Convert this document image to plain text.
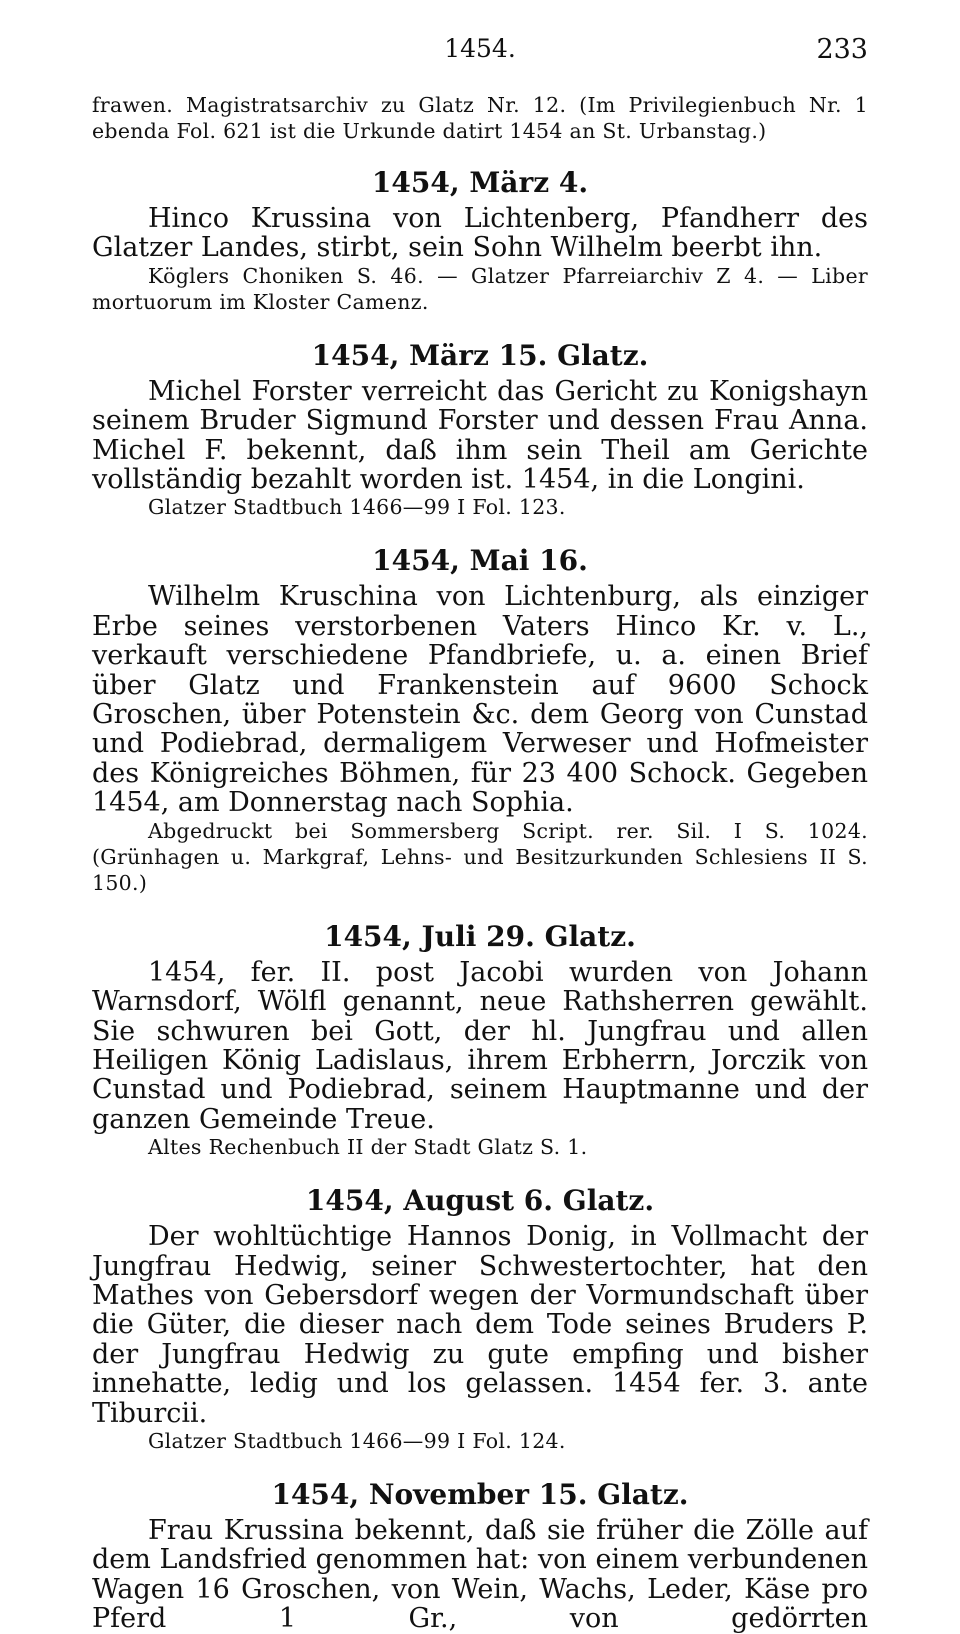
1454.	233

frawen. Magistratsarchiv zu Glatz Nr. 12. (Im Privilegienbuch Nr. 1 ebenda Fol. 621 ist die Urkunde datirt 1454 an St. Urbanstag.)

1454, März 4.

Hinco Krussina von Lichtenberg, Pfandherr des Glatzer Landes, stirbt, sein Sohn Wilhelm beerbt ihn.

Köglers Choniken S. 46. — Glatzer Pfarreiarchiv Z 4. — Liber mortuorum im Kloster Camenz.

1454, März 15. Glatz.

Michel Forster verreicht das Gericht zu Konigshayn seinem Bruder Sigmund Forster und dessen Frau Anna. Michel F. bekennt, daß ihm sein Theil am Gerichte vollständig bezahlt worden ist. 1454, in die Longini.

Glatzer Stadtbuch 1466—99 I Fol. 123.

1454, Mai 16.

Wilhelm Kruschina von Lichtenburg, als einziger Erbe seines verstorbenen Vaters Hinco Kr. v. L., verkauft verschiedene Pfandbriefe, u. a. einen Brief über Glatz und Frankenstein auf 9600 Schock Groschen, über Potenstein &c. dem Georg von Cunstad und Podiebrad, dermaligem Verweser und Hofmeister des Königreiches Böhmen, für 23 400 Schock. Gegeben 1454, am Donnerstag nach Sophia.

Abgedruckt bei Sommersberg Script. rer. Sil. I S. 1024. (Grünhagen u. Markgraf, Lehns- und Besitzurkunden Schlesiens II S. 150.)

1454, Juli 29. Glatz.

1454, fer. II. post Jacobi wurden von Johann Warnsdorf, Wölfl genannt, neue Rathsherren gewählt. Sie schwuren bei Gott, der hl. Jungfrau und allen Heiligen König Ladislaus, ihrem Erbherrn, Jorczik von Cunstad und Podiebrad, seinem Hauptmanne und der ganzen Gemeinde Treue.

Altes Rechenbuch II der Stadt Glatz S. 1.

1454, August 6. Glatz.

Der wohltüchtige Hannos Donig, in Vollmacht der Jungfrau Hedwig, seiner Schwestertochter, hat den Mathes von Gebersdorf wegen der Vormundschaft über die Güter, die dieser nach dem Tode seines Bruders P. der Jungfrau Hedwig zu gute empfing und bisher innehatte, ledig und los gelassen. 1454 fer. 3. ante Tiburcii.

Glatzer Stadtbuch 1466—99 I Fol. 124.

1454, November 15. Glatz.

Frau Krussina bekennt, daß sie früher die Zölle auf dem Landsfried genommen hat: von einem verbundenen Wagen 16 Groschen, von Wein, Wachs, Leder, Käse pro Pferd 1 Gr., von gedörrten
